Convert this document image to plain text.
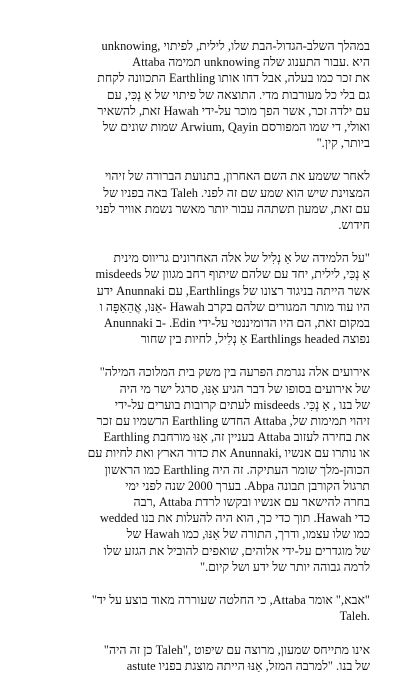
unknowing, במהלך השלב-הגדול-הבת שלו, לילית, לפיתוי
Attaba תמימה unknowing היא .עבור התענוג שלה
את זכר כמו בעלה, אבל דחו אותו Earthling התכוונה לקחת
גם בלי כל מעורבות מדי. התוצאה של פיתוי של אַ נְכִּי, עם
עם ילדה זכר, אשר הפך מוכר על-ידי Hawah זאת, להשאיר
ואולי, די שמו המפורסם Arwium, Qayin שמות שונים של
ביותר, קין."

לאחר ששמע את השם האחרון, בתנועת הברורה של זיהוי
המצוינת שיש הוא שמע שם זה לפני. Taleh באה בפניו של
עם זאת, שמעון תשתהה עבור יותר מאשר נשמת אוויר לפני
חידוש.

"על הלמידה של אַ נְלִיל של אלה האחרונים גריווס מינית
אַ נְכִּי, לילית, יחד עם שלהם שיתוף רחב מגוון של misdeeds
אשר הייתה בניגוד רצונו של Earthlings, עם Anunnaki ידע
היו עוד מותר המגורים שלהם בקרב Hawah -אַנּו, אֲהַאַפָּה ו
במקום זאת, הם היו הדומיננטי על-ידי Edin. -ב Anunnaki
נפוצה Earthlings headed אַ נְלִיל, לחיות בין שחור

אירועים אלה נגרמת הפרעה בין משק בית המלוכה המילה"
של אירועים בסופו של דבר הגיע אַנּוּ, סרגל ישר מי היה
של בנו , אַ נְכִּי. misdeeds לעתים קרובות בוערים על-ידי
זיהוי תמימות של, Attaba החדש Earthling הרשמיו עם זכר
את בחירה לעזוב Attaba בעניין זה, אַנּוּ מורחבת Earthling
או נותרו עם אנשיו ,Anunnaki את כדור הארץ ואת לחיות עם
הכוהן-מלך שומר העתיקה. זה היה Earthling כמו הראשון
תרגול הקורבן תבונה Abpa. בערך 2000 שנה לפני ימי
בחרה להישאר עם אנשיו ובקשו לרדת Attaba ,רבה
wedded תוך כדי כך, הוא היה להעלות את בנו .Hawah כדי
כמו שלו עצמו, ודרך, התורה של אַנּוּ, כמו Hawah של
של מוגדרים על-ידי אלוהים, שואפים להוביל את הגזע שלו
לרמה גבוהה יותר של ידע ושל קיום."

"אבא," אומר Attaba, כי החלטה שעוררה מאוד בוצע על יד"
Taleh.

אינו מתייחס שמעון, מרוצה עם שיפוט ,"Taleh כן זה היה"
של בנו. "למרבה המזל, אַנּוּ הייתה מוצגת בפניו astute
